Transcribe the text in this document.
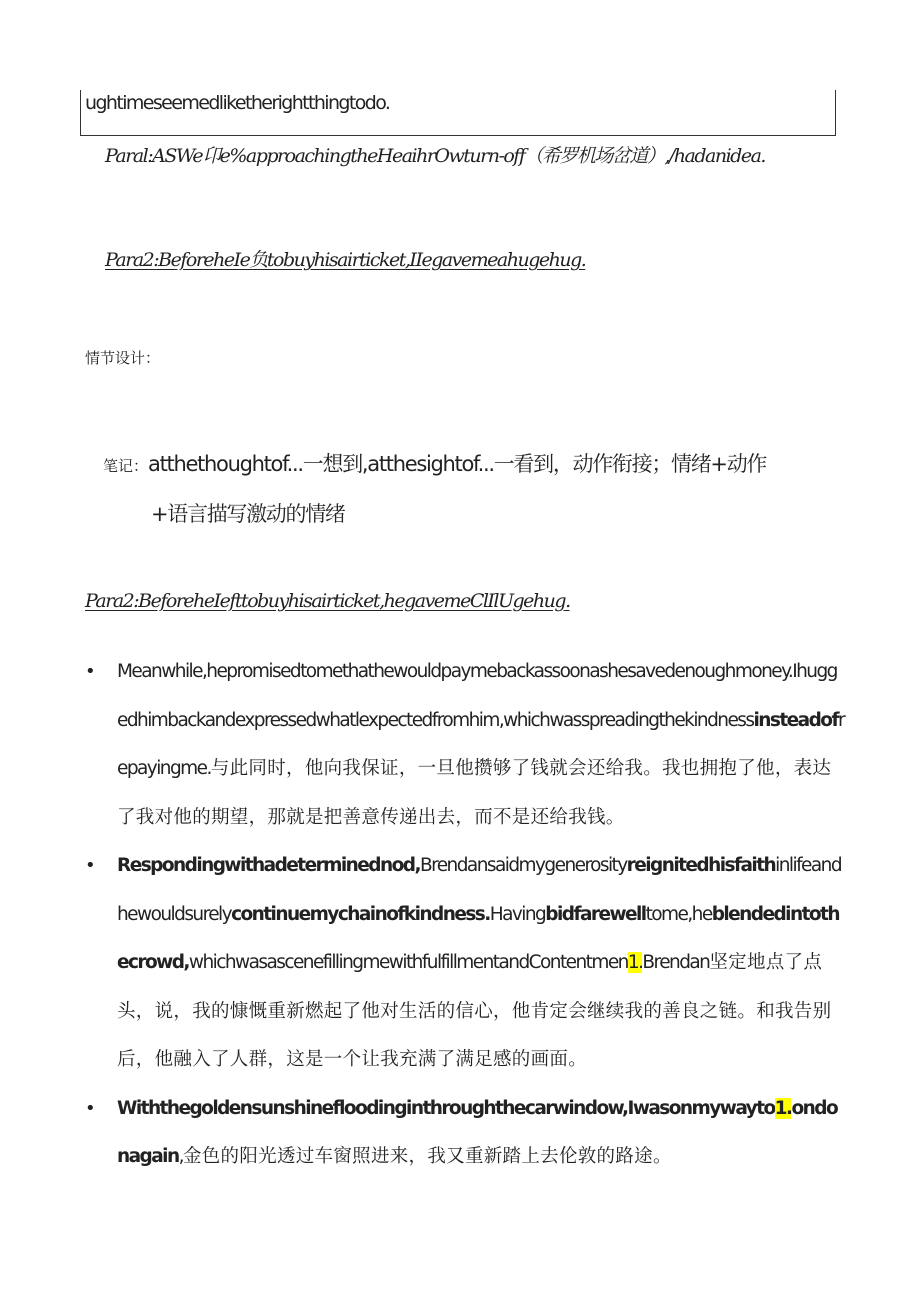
ughtimeseemedliketherightthingtodo.
Paral:ASWe卬e%approachingtheHeaihrOwturn-off（希罗机场岔道）,/hadanidea.
Para2:BeforeheIe负tobuyhisairticket,IIegavemeahugehug.
情节设计：
笔记：atthethoughtof...一想到,atthesightof...一看到，动作衔接；情绪+动作
+语言描写激动的情绪
Para2:BeforeheIefttobuyhisairticket,hegavemeClIlUgehug.
• Meanwhile,hepromisedtomethathewouldpaymebackassoonashesavedenoughmoney.Ihuggedhimbackandexpressedwhatlexpectedfromhim,whichwasspreadingthekindnessinsteadofrepayingme.与此同时，他向我保证，一旦他攒够了钱就会还给我。我也拥抱了他，表达了我对他的期望，那就是把善意传递出去，而不是还给我钱。
• Respondingwithadeterminednod,Brendansaidmygenerosityreignitedhisfaithinlifeandhewouldsurelycontinuemychainofkindness.Havingbidfarewelltome,heblendedintothecrowd,whichwasascenefillingmewithfulfillmentandContentmen1.Brendan坚定地点了点头，说，我的慷慨重新燃起了他对生活的信心，他肯定会继续我的善良之链。和我告别后，他融入了人群，这是一个让我充满了满足感的画面。
• Withthegoldensunshinefloodinginthroughthecarwindow,Iwasonmywayto1.ondonagain,金色的阳光透过车窗照进来，我又重新踏上去伦敦的路途。
